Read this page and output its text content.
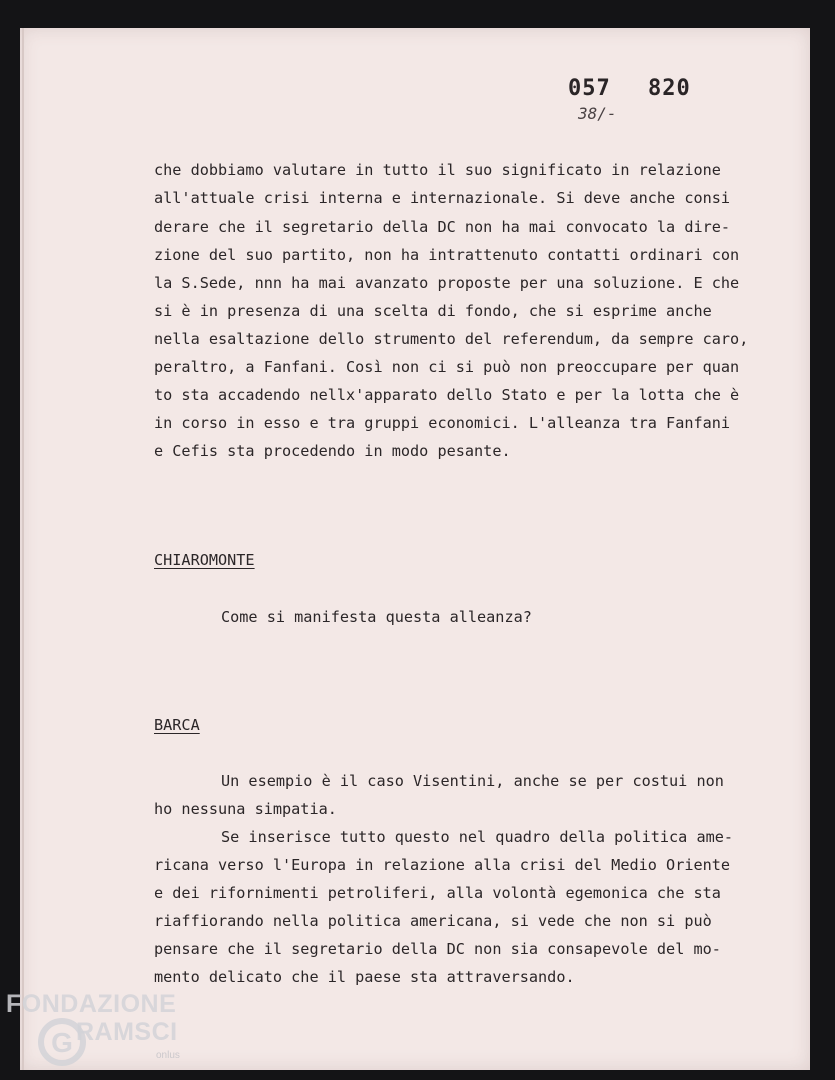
057 820
38/-
che dobbiamo valutare in tutto il suo significato in relazione
all'attuale crisi interna e internazionale. Si deve anche consi
derare che il segretario della DC non ha mai convocato la dire-
zione del suo partito, non ha intrattenuto contatti ordinari con
la S.Sede, nnn ha mai avanzato proposte per una soluzione. E che
si è in presenza di una scelta di fondo, che si esprime anche
nella esaltazione dello strumento del referendum, da sempre caro,
peraltro, a Fanfani. Così non ci si può non preoccupare per quan
to sta accadendo nellx'apparato dello Stato e per la lotta che è
in corso in esso e tra gruppi economici. L'alleanza tra Fanfani
e Cefis sta procedendo in modo pesante.
CHIAROMONTE
Come si manifesta questa alleanza?
BARCA
Un esempio è il caso Visentini, anche se per costui non
ho nessuna simpatia.
Se inserisce tutto questo nel quadro della politica ame-
ricana verso l'Europa in relazione alla crisi del Medio Oriente
e dei rifornimenti petroliferi, alla volontà egemonica che sta
riaffiorando nella politica americana, si vede che non si può
pensare che il segretario della DC non sia consapevole del mo-
mento delicato che il paese sta attraversando.
FONDAZIONE
G RAMSCI
onlus
